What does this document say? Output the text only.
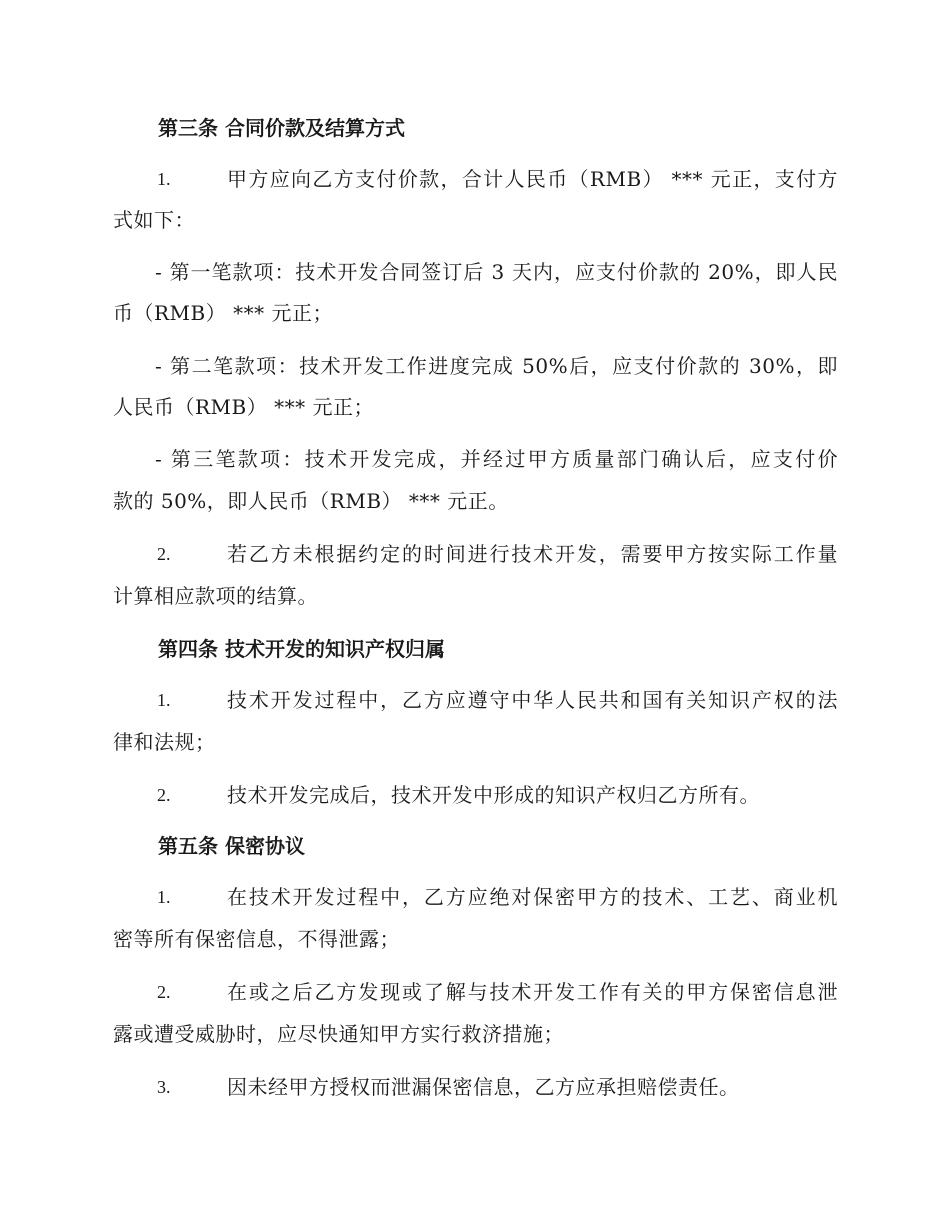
第三条 合同价款及结算方式
1.	甲方应向乙方支付价款，合计人民币（RMB） *** 元正，支付方
式如下：
- 第一笔款项：技术开发合同签订后 3 天内，应支付价款的 20%，即人民
币（RMB） *** 元正；
- 第二笔款项：技术开发工作进度完成 50%后，应支付价款的 30%，即
人民币（RMB） *** 元正；
- 第三笔款项：技术开发完成，并经过甲方质量部门确认后，应支付价
款的 50%，即人民币（RMB） *** 元正。
2.	若乙方未根据约定的时间进行技术开发，需要甲方按实际工作量
计算相应款项的结算。
第四条 技术开发的知识产权归属
1.	技术开发过程中，乙方应遵守中华人民共和国有关知识产权的法
律和法规；
2.	技术开发完成后，技术开发中形成的知识产权归乙方所有。
第五条 保密协议
1.	在技术开发过程中，乙方应绝对保密甲方的技术、工艺、商业机
密等所有保密信息，不得泄露；
2.	在或之后乙方发现或了解与技术开发工作有关的甲方保密信息泄
露或遭受威胁时，应尽快通知甲方实行救济措施；
3.	因未经甲方授权而泄漏保密信息，乙方应承担赔偿责任。
